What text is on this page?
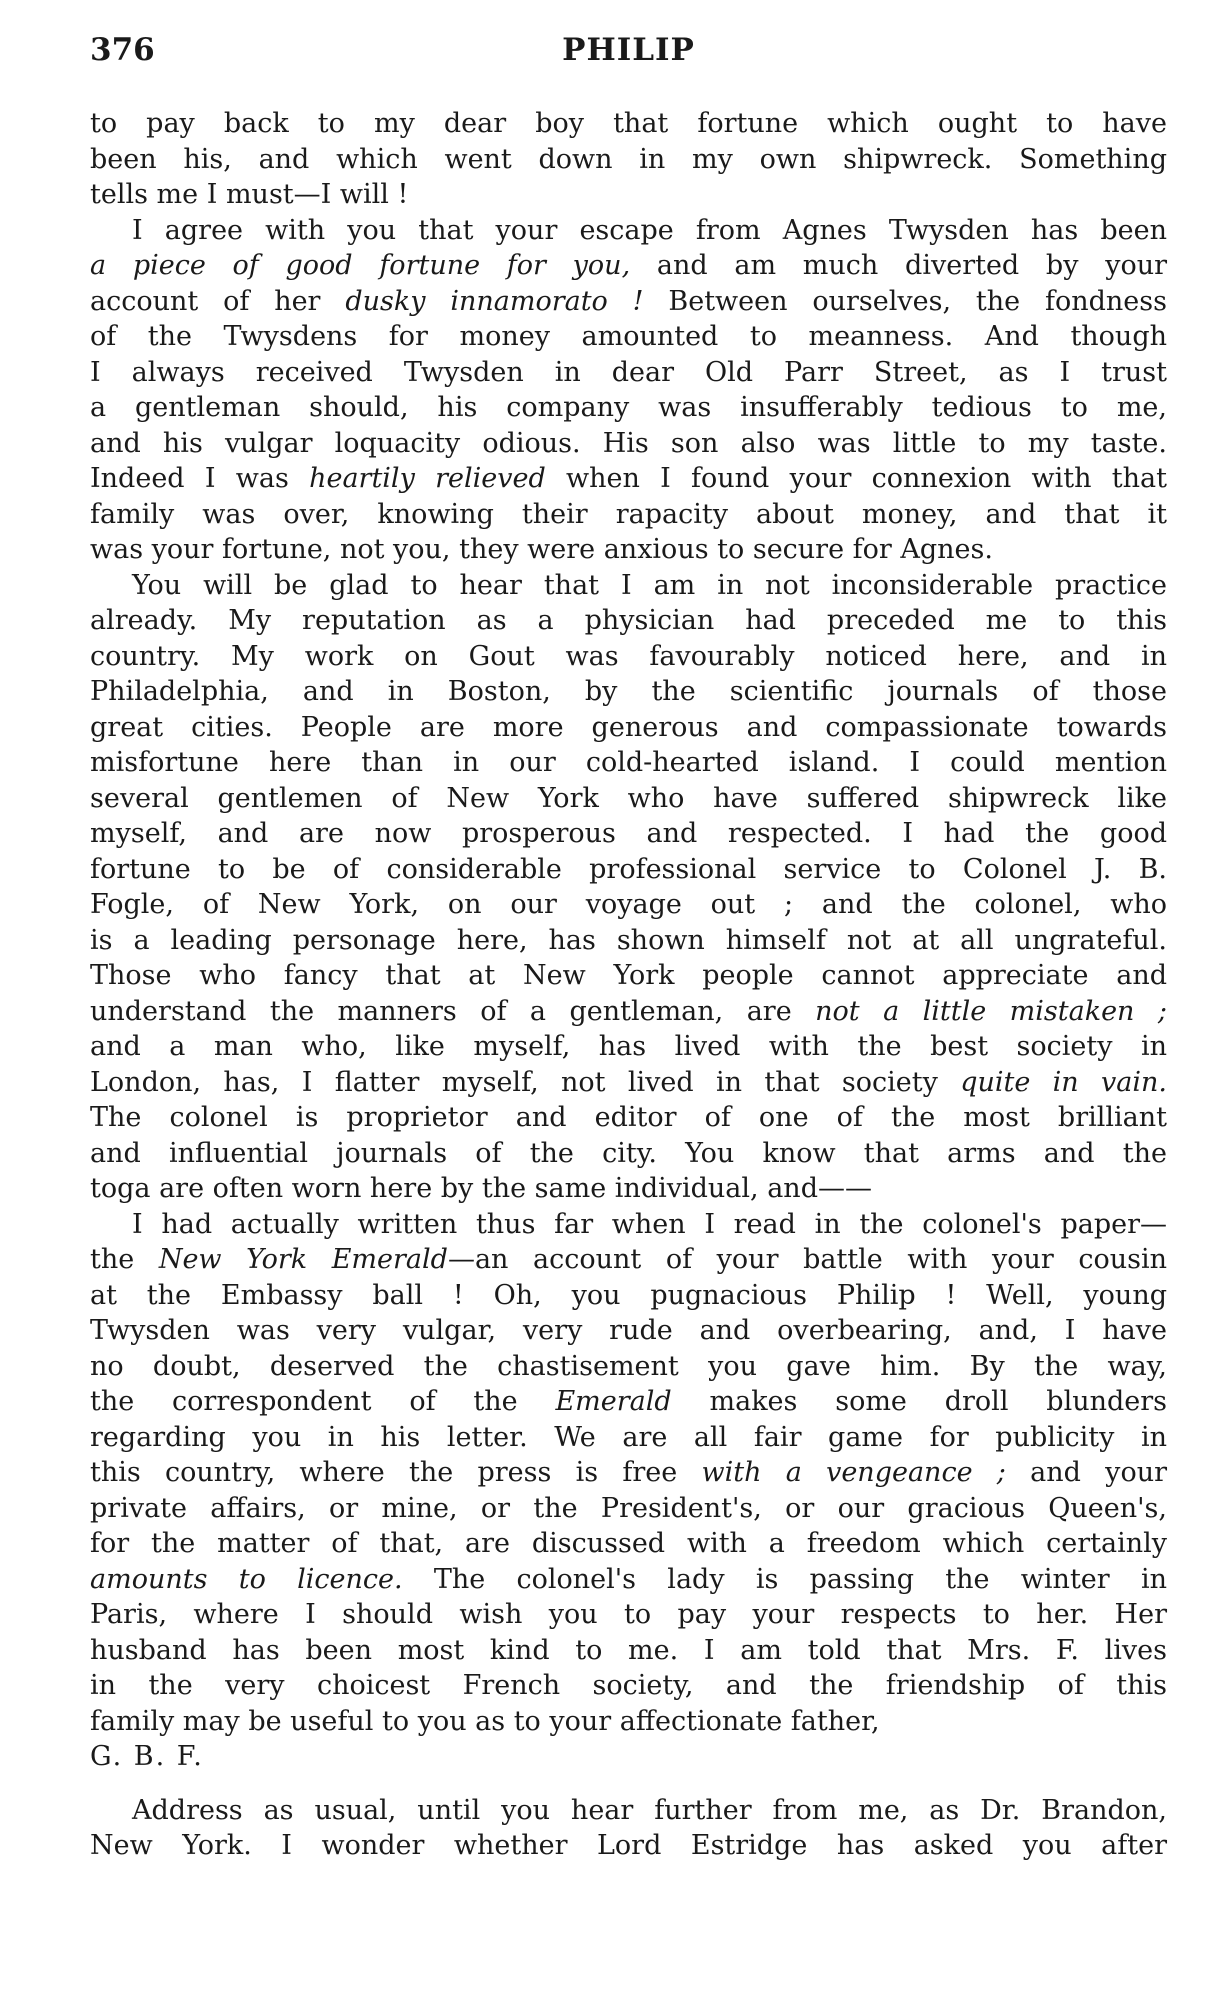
376	PHILIP
to pay back to my dear boy that fortune which ought to have
been his, and which went down in my own shipwreck. Something
tells me I must—I will !
I agree with you that your escape from Agnes Twysden has been
a piece of good fortune for you, and am much diverted by your
account of her dusky innamorato ! Between ourselves, the fondness
of the Twysdens for money amounted to meanness. And though
I always received Twysden in dear Old Parr Street, as I trust
a gentleman should, his company was insufferably tedious to me,
and his vulgar loquacity odious. His son also was little to my taste.
Indeed I was heartily relieved when I found your connexion with that
family was over, knowing their rapacity about money, and that it
was your fortune, not you, they were anxious to secure for Agnes.
You will be glad to hear that I am in not inconsiderable practice
already. My reputation as a physician had preceded me to this
country. My work on Gout was favourably noticed here, and in
Philadelphia, and in Boston, by the scientific journals of those
great cities. People are more generous and compassionate towards
misfortune here than in our cold-hearted island. I could mention
several gentlemen of New York who have suffered shipwreck like
myself, and are now prosperous and respected. I had the good
fortune to be of considerable professional service to Colonel J. B.
Fogle, of New York, on our voyage out ; and the colonel, who
is a leading personage here, has shown himself not at all ungrateful.
Those who fancy that at New York people cannot appreciate and
understand the manners of a gentleman, are not a little mistaken ;
and a man who, like myself, has lived with the best society in
London, has, I flatter myself, not lived in that society quite in vain.
The colonel is proprietor and editor of one of the most brilliant
and influential journals of the city. You know that arms and the
toga are often worn here by the same individual, and——
I had actually written thus far when I read in the colonel's paper—
the New York Emerald—an account of your battle with your cousin
at the Embassy ball ! Oh, you pugnacious Philip ! Well, young
Twysden was very vulgar, very rude and overbearing, and, I have
no doubt, deserved the chastisement you gave him. By the way,
the correspondent of the Emerald makes some droll blunders
regarding you in his letter. We are all fair game for publicity in
this country, where the press is free with a vengeance ; and your
private affairs, or mine, or the President's, or our gracious Queen's,
for the matter of that, are discussed with a freedom which certainly
amounts to licence. The colonel's lady is passing the winter in
Paris, where I should wish you to pay your respects to her. Her
husband has been most kind to me. I am told that Mrs. F. lives
in the very choicest French society, and the friendship of this
family may be useful to you as to your affectionate father,
G. B. F.
Address as usual, until you hear further from me, as Dr. Brandon,
New York. I wonder whether Lord Estridge has asked you after
